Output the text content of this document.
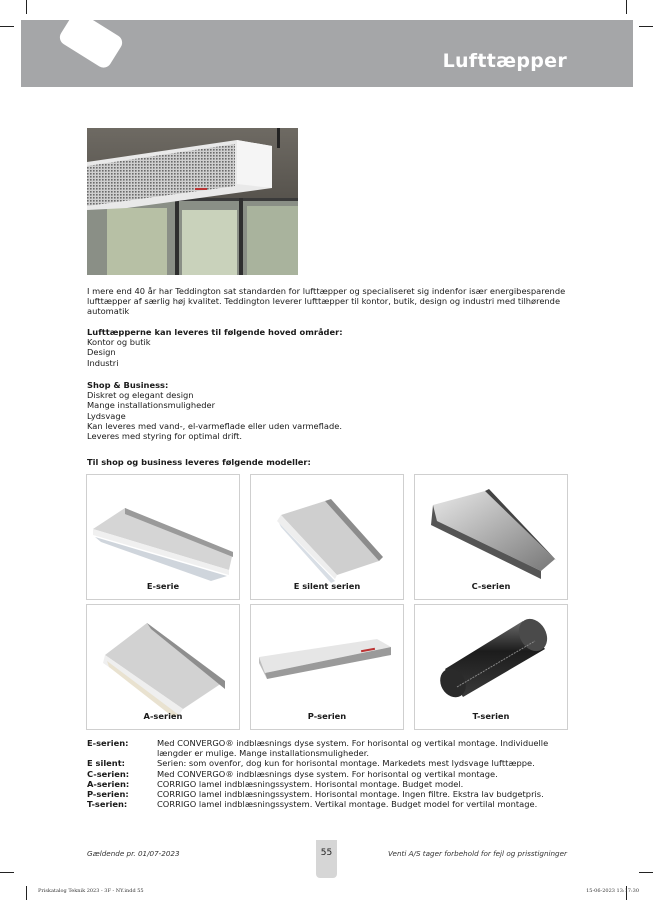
Lufttæpper
I mere end 40 år har Teddington sat standarden for lufttæpper og specialiseret sig indenfor især energibesparende lufttæpper af særlig høj kvalitet. Teddington leverer lufttæpper til kontor, butik, design og industri med tilhørende automatik
Lufttæpperne kan leveres til følgende hoved områder:
Kontor og butik
Design
Industri
Shop & Business:
Diskret og elegant design
Mange installationsmuligheder
Lydsvage
Kan leveres med vand-, el-varmeflade eller uden varmeflade.
Leveres med styring for optimal drift.
Til shop og business leveres følgende modeller:
E-serie	E silent serien	C-serien
A-serien	P-serien	T-serien
E-serien:	Med CONVERGO® indblæsnings dyse system. For horisontal og vertikal montage. Individuelle længder er mulige. Mange installationsmuligheder.
E silent:	Serien: som ovenfor, dog kun for horisontal montage. Markedets mest lydsvage lufttæppe.
C-serien:	Med CONVERGO® indblæsnings dyse system. For horisontal og vertikal montage.
A-serien:	CORRIGO lamel indblæsningssystem. Horisontal montage. Budget model.
P-serien:	CORRIGO lamel indblæsningssystem. Horisontal montage. Ingen filtre. Ekstra lav budgetpris.
T-serien:	CORRIGO lamel indblæsningssystem. Vertikal montage. Budget model for vertilal montage.
Gældende pr. 01/07-2023	55	Venti A/S tager forbehold for fejl og prisstigninger
Priskatalog Teknik 2023 - 3F - NY.indd 55	15-06-2023 13:17:30
